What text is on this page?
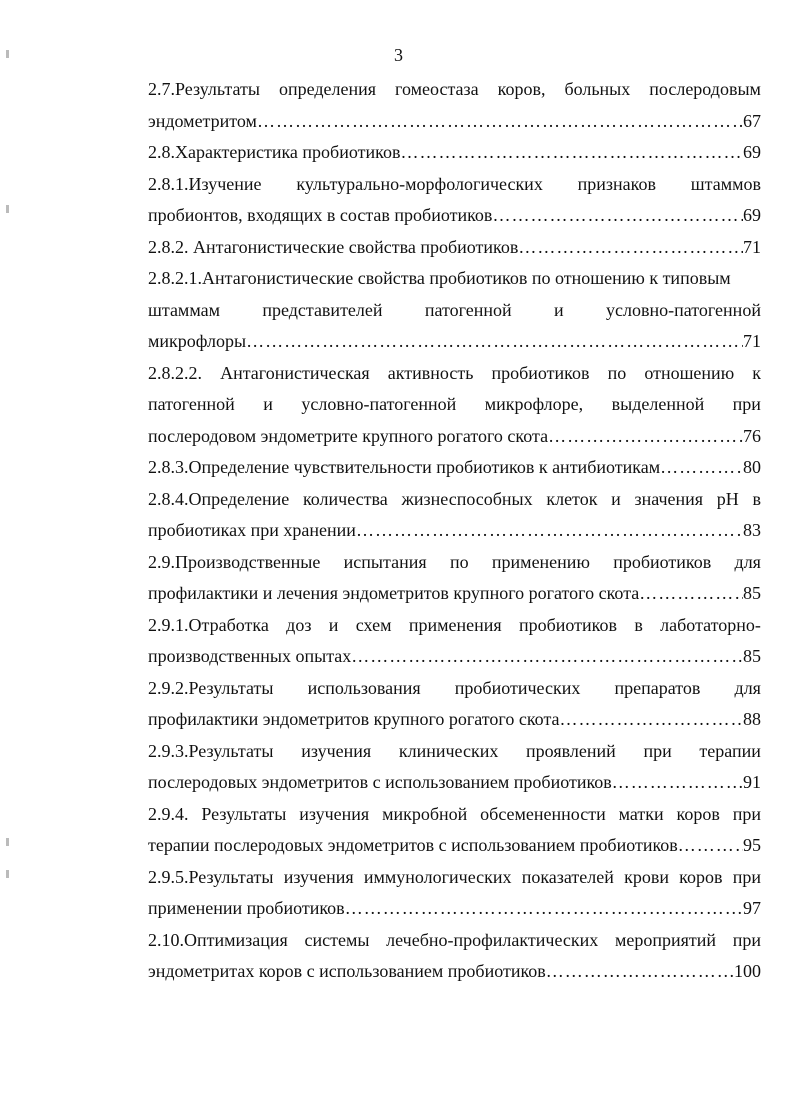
3
2.7.Результаты определения гомеостаза коров, больных послеродовым
эндометритом …………………………………………………………………………………………………………………………………………………………………………………………	67
2.8.Характеристика пробиотиков …………………………………………………………………………………………………………………………………………………………………………………………	69
2.8.1.Изучение культурально-морфологических признаков штаммов
пробионтов, входящих в состав пробиотиков …………………………………………………………………………………………………………………………………………………………………………………………	69
2.8.2. Антагонистические свойства пробиотиков …………………………………………………………………………………………………………………………………………………………………………………………	71
2.8.2.1.Антагонистические свойства пробиотиков по отношению к типовым
штаммам представителей патогенной и условно-патогенной
микрофлоры …………………………………………………………………………………………………………………………………………………………………………………………	71
2.8.2.2. Антагонистическая активность пробиотиков по отношению к
патогенной и условно-патогенной микрофлоре, выделенной при
послеродовом эндометрите крупного рогатого скота …………………………………………………………………………………………………………………………………………………………………………………………	76
2.8.3.Определение чувствительности пробиотиков к антибиотикам …………………………………………………………………………………………………………………………………………………………………………………………	80
2.8.4.Определение количества жизнеспособных клеток и значения pH в
пробиотиках при хранении …………………………………………………………………………………………………………………………………………………………………………………………	83
2.9.Производственные испытания по применению пробиотиков для
профилактики и лечения эндометритов крупного рогатого скота …………………………………………………………………………………………………………………………………………………………………………………………	85
2.9.1.Отработка доз и схем применения пробиотиков в лаботаторно-
производственных опытах …………………………………………………………………………………………………………………………………………………………………………………………	85
2.9.2.Результаты использования пробиотических препаратов для
профилактики эндометритов крупного рогатого скота …………………………………………………………………………………………………………………………………………………………………………………………	88
2.9.3.Результаты изучения клинических проявлений при терапии
послеродовых эндометритов с использованием пробиотиков …………………………………………………………………………………………………………………………………………………………………………………………	91
2.9.4. Результаты изучения микробной обсемененности матки коров при
терапии послеродовых эндометритов с использованием пробиотиков …………………………………………………………………………………………………………………………………………………………………………………………	95
2.9.5.Результаты изучения иммунологических показателей крови коров при
применении пробиотиков …………………………………………………………………………………………………………………………………………………………………………………………	97
2.10.Оптимизация системы лечебно-профилактических мероприятий при
эндометритах коров с использованием пробиотиков …………………………………………………………………………………………………………………………………………………………………………………………	100
